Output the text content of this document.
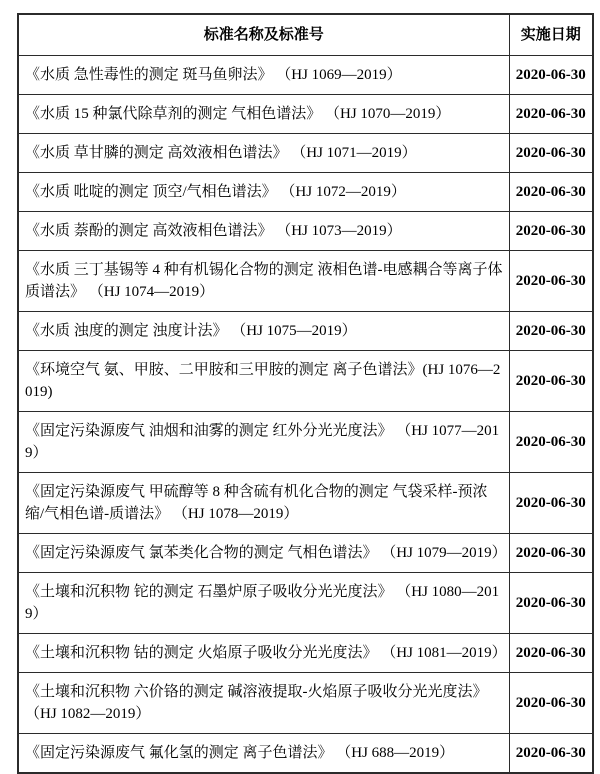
标准名称及标准号	实施日期
《水质 急性毒性的测定 斑马鱼卵法》 （HJ 1069—2019）	2020-06-30
《水质 15 种氯代除草剂的测定 气相色谱法》 （HJ 1070—2019）	2020-06-30
《水质 草甘膦的测定 高效液相色谱法》 （HJ 1071—2019）	2020-06-30
《水质 吡啶的测定 顶空/气相色谱法》 （HJ 1072—2019）	2020-06-30
《水质 萘酚的测定 高效液相色谱法》 （HJ 1073—2019）	2020-06-30
《水质 三丁基锡等 4 种有机锡化合物的测定 液相色谱-电感耦合等离子体质谱法》 （HJ 1074—2019）	2020-06-30
《水质 浊度的测定 浊度计法》 （HJ 1075—2019）	2020-06-30
《环境空气 氨、甲胺、二甲胺和三甲胺的测定 离子色谱法》(HJ 1076—2019)	2020-06-30
《固定污染源废气 油烟和油雾的测定 红外分光光度法》 （HJ 1077—2019）	2020-06-30
《固定污染源废气 甲硫醇等 8 种含硫有机化合物的测定 气袋采样-预浓缩/气相色谱-质谱法》 （HJ 1078—2019）	2020-06-30
《固定污染源废气 氯苯类化合物的测定 气相色谱法》 （HJ 1079—2019）	2020-06-30
《土壤和沉积物 铊的测定 石墨炉原子吸收分光光度法》 （HJ 1080—2019）	2020-06-30
《土壤和沉积物 钴的测定 火焰原子吸收分光光度法》 （HJ 1081—2019）	2020-06-30
《土壤和沉积物 六价铬的测定 碱溶液提取-火焰原子吸收分光光度法》 （HJ 1082—2019）	2020-06-30
《固定污染源废气 氟化氢的测定 离子色谱法》 （HJ 688—2019）	2020-06-30
